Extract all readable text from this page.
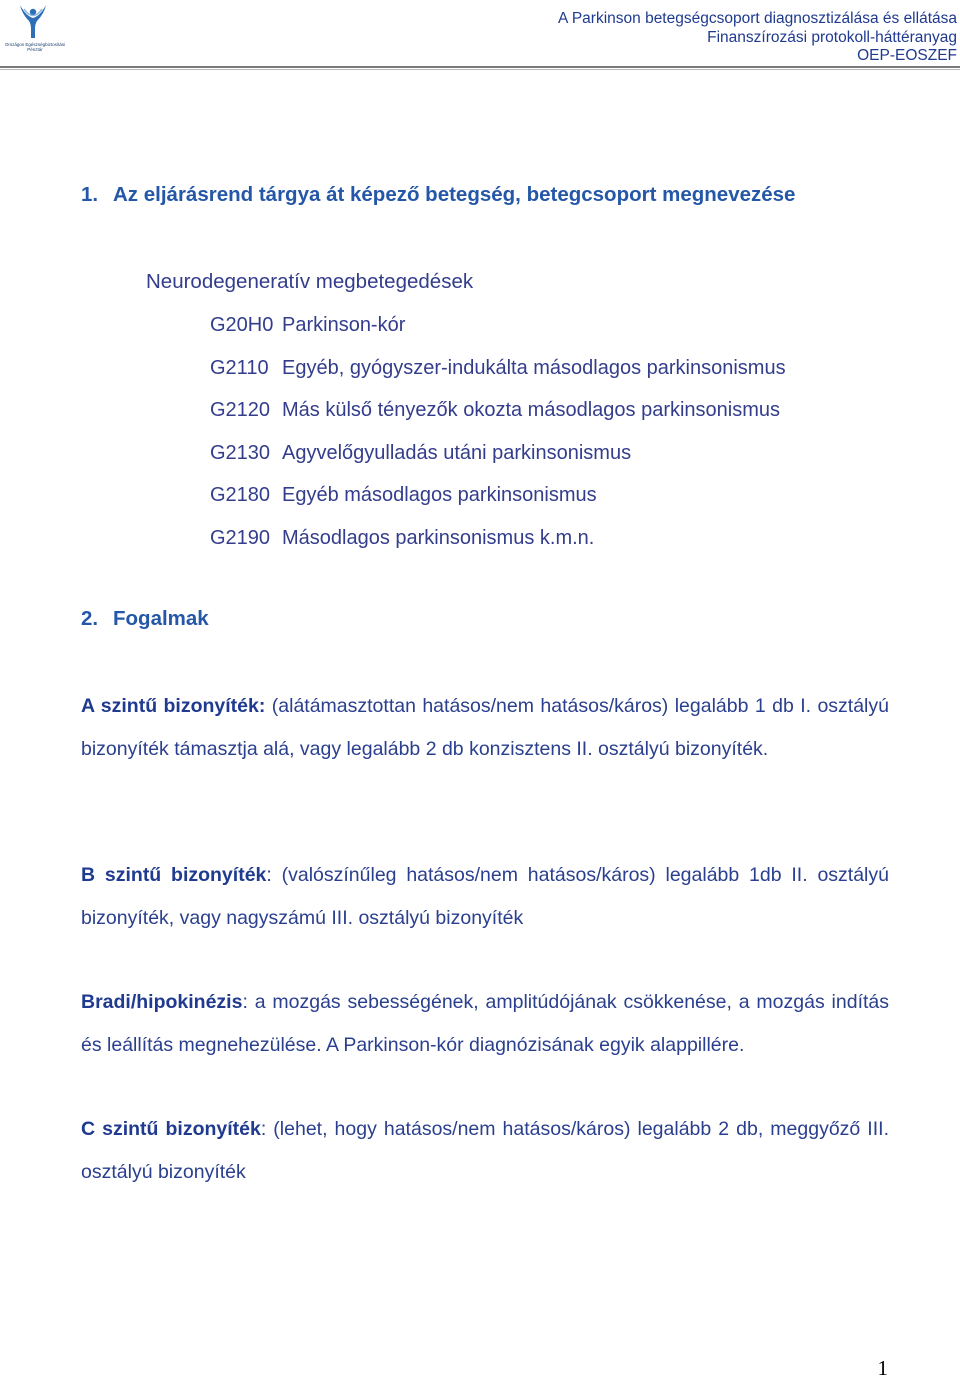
Országos Egészségbiztosítási Pénztár
A Parkinson betegségcsoport diagnosztizálása és ellátása
Finanszírozási protokoll-háttéranyag
OEP-EOSZEF
1. Az eljárásrend tárgya át képező betegség, betegcsoport megnevezése
Neurodegeneratív megbetegedések
G20H0 Parkinson-kór
G2110 Egyéb, gyógyszer-indukálta másodlagos parkinsonismus
G2120 Más külső tényezők okozta másodlagos parkinsonismus
G2130 Agyvelőgyulladás utáni parkinsonismus
G2180 Egyéb másodlagos parkinsonismus
G2190 Másodlagos parkinsonismus k.m.n.
2. Fogalmak
A szintű bizonyíték: (alátámasztottan hatásos/nem hatásos/káros) legalább 1 db I. osztályú bizonyíték támasztja alá, vagy legalább 2 db konzisztens II. osztályú bizonyíték.
B szintű bizonyíték: (valószínűleg hatásos/nem hatásos/káros) legalább 1db II. osztályú bizonyíték, vagy nagyszámú III. osztályú bizonyíték
Bradi/hipokinézis: a mozgás sebességének, amplitúdójának csökkenése, a mozgás indítás és leállítás megnehezülése. A Parkinson-kór diagnózisának egyik alappillére.
C szintű bizonyíték: (lehet, hogy hatásos/nem hatásos/káros) legalább 2 db, meggyőző III. osztályú bizonyíték
1
